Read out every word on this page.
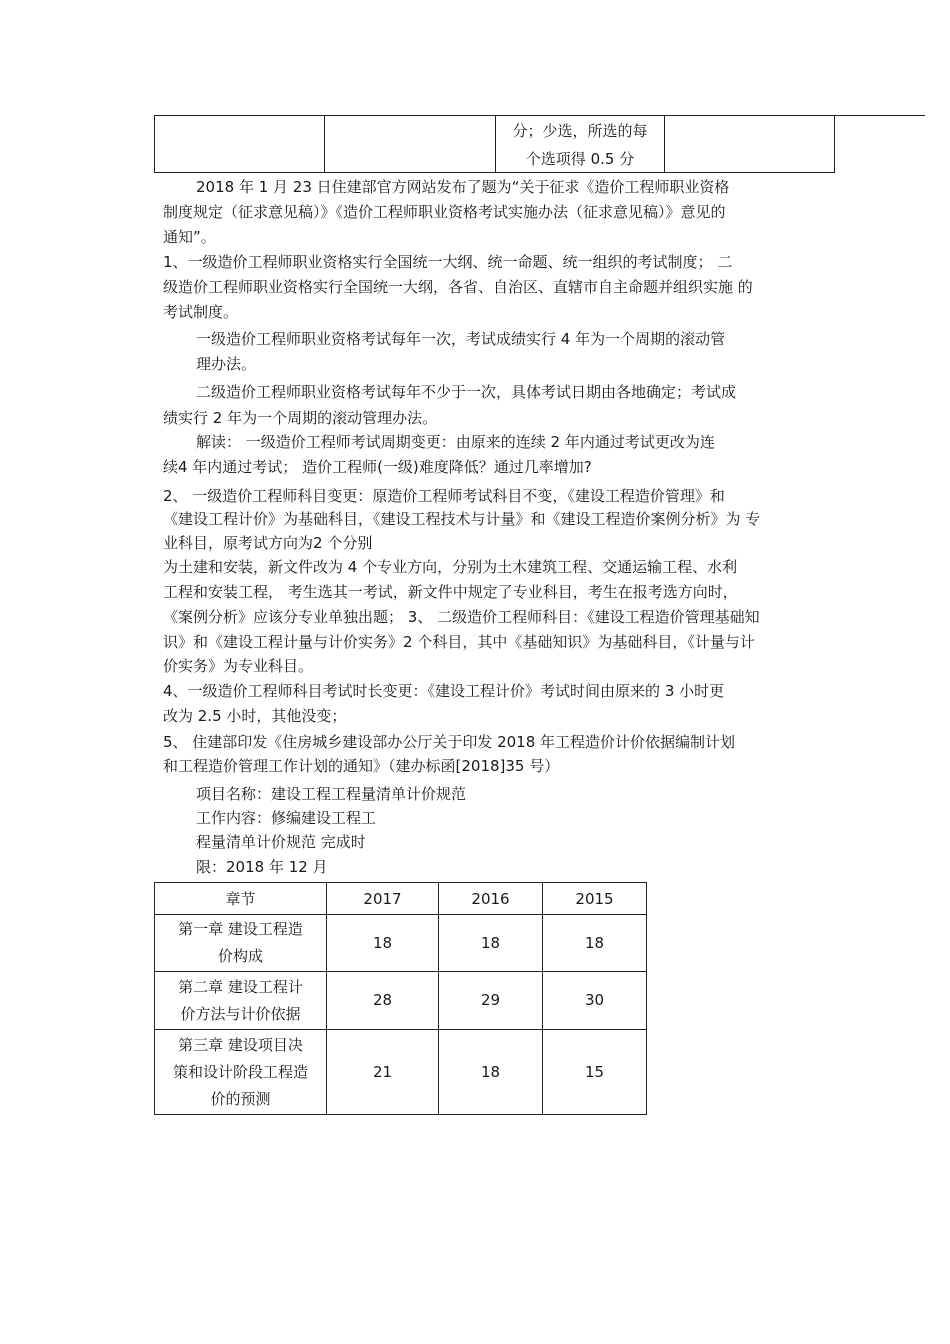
分；少选，所选的每
个选项得 0.5 分

2018 年 1 月 23 日住建部官方网站发布了题为“关于征求《造价工程师职业资格
制度规定（征求意见稿）》《造价工程师职业资格考试实施办法（征求意见稿）》意见的
通知”。
1、一级造价工程师职业资格实行全国统一大纲、统一命题、统一组织的考试制度； 二
级造价工程师职业资格实行全国统一大纲，各省、自治区、直辖市自主命题并组织实施 的
考试制度。
一级造价工程师职业资格考试每年一次，考试成绩实行 4 年为一个周期的滚动管
理办法。
二级造价工程师职业资格考试每年不少于一次，具体考试日期由各地确定；考试成
绩实行 2 年为一个周期的滚动管理办法。
解读： 一级造价工程师考试周期变更：由原来的连续 2 年内通过考试更改为连
续4 年内通过考试； 造价工程师(一级)难度降低？通过几率增加?
2、 一级造价工程师科目变更：原造价工程师考试科目不变，《建设工程造价管理》和
《建设工程计价》为基础科目，《建设工程技术与计量》和《建设工程造价案例分析》为 专
业科目，原考试方向为2 个分别
为土建和安装，新文件改为 4 个专业方向，分别为土木建筑工程、交通运输工程、水利
工程和安装工程， 考生选其一考试，新文件中规定了专业科目，考生在报考选方向时，
《案例分析》应该分专业单独出题； 3、 二级造价工程师科目：《建设工程造价管理基础知
识》和《建设工程计量与计价实务》2 个科目，其中《基础知识》为基础科目，《计量与计
价实务》为专业科目。
4、一级造价工程师科目考试时长变更：《建设工程计价》考试时间由原来的 3 小时更
改为 2.5 小时，其他没变；
5、 住建部印发《住房城乡建设部办公厅关于印发 2018 年工程造价计价依据编制计划
和工程造价管理工作计划的通知》（建办标函[2018]35 号）
项目名称：建设工程工程量清单计价规范
工作内容：修编建设工程工
程量清单计价规范 完成时
限：2018 年 12 月
章节	2017	2016	2015

第一章 建设工程造
价构成	18	18	18

第二章 建设工程计
价方法与计价依据	28	29	30

第三章 建设项目决
策和设计阶段工程造
价的预测	21	18	15
